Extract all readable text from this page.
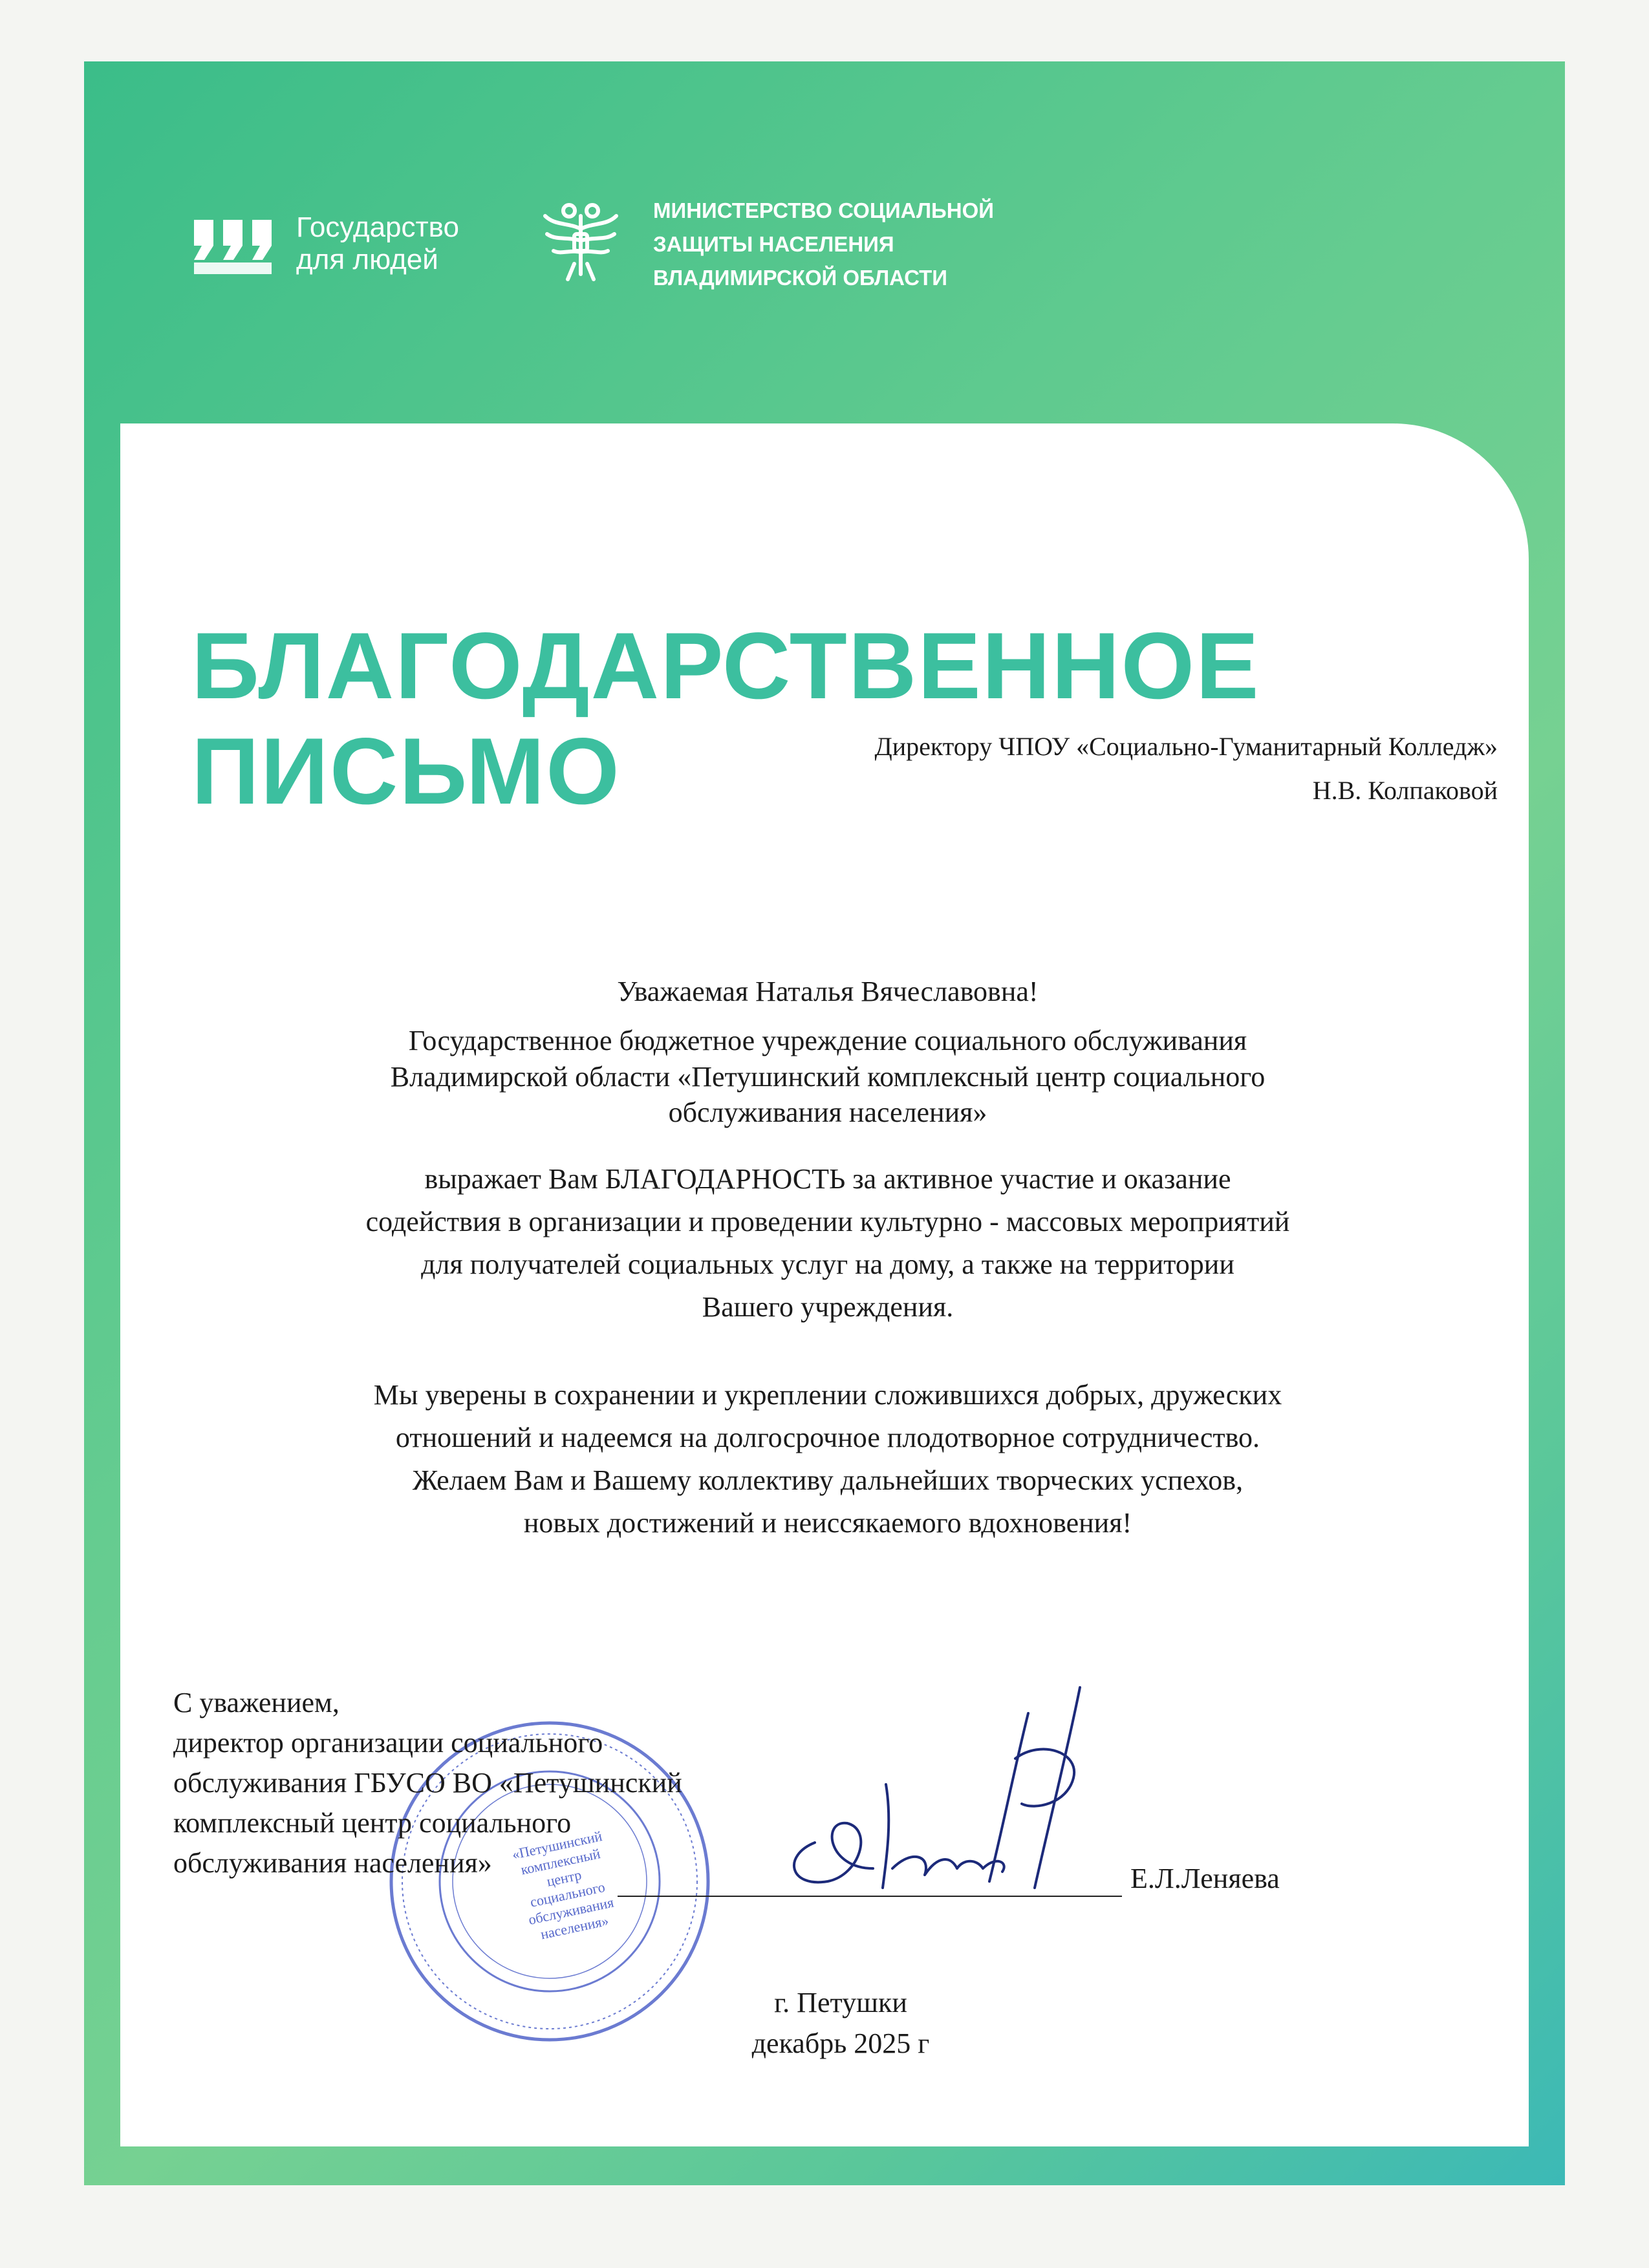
Государство
для людей
МИНИСТЕРСТВО СОЦИАЛЬНОЙ
ЗАЩИТЫ НАСЕЛЕНИЯ
ВЛАДИМИРСКОЙ ОБЛАСТИ
БЛАГОДАРСТВЕННОЕ
ПИСЬМО	Директору ЧПОУ «Социально-Гуманитарный Колледж»
Н.В. Колпаковой
Уважаемая Наталья Вячеславовна!
Государственное бюджетное учреждение социального обслуживания
Владимирской области «Петушинский комплексный центр социального
обслуживания населения»
выражает Вам БЛАГОДАРНОСТЬ за активное участие и оказание
содействия в организации и проведении культурно - массовых мероприятий
для получателей социальных услуг на дому, а также на территории
Вашего учреждения.
Мы уверены в сохранении и укреплении сложившихся добрых, дружеских
отношений и надеемся на долгосрочное плодотворное сотрудничество.
Желаем Вам и Вашему коллективу дальнейших творческих успехов,
новых достижений и неиссякаемого вдохновения!
«Петушинский комплексный центр социального обслуживания населения»
С уважением,
директор организации социального
обслуживания ГБУСО ВО «Петушинский
комплексный центр социального
обслуживания населения»	Е.Л.Леняева
г. Петушки
декабрь 2025 г
